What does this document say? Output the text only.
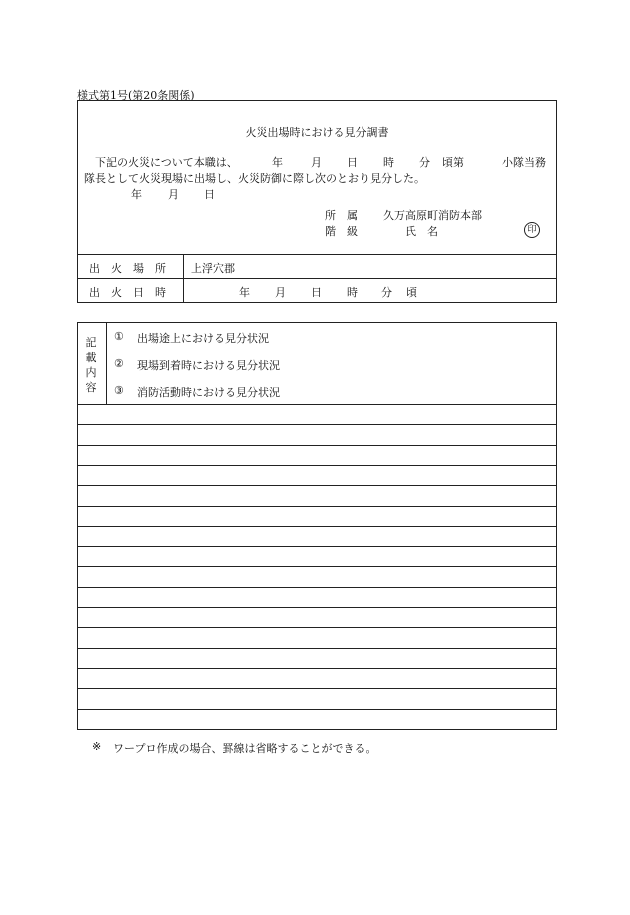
様式第1号(第20条関係)
火災出場時における見分調書
下記の火災について本職は、	年	月 日 時 分 頃第	小隊当務
隊長として火災現場に出場し、火災防御に際し次のとおり見分した。
年 月 日
所　属 久万高原町消防本部
階　級	氏　名	印
出　火　場　所 上浮穴郡
出　火　日　時	年 月 日 時 分 頃
記
載
内
容
① 出場途上における見分状況
② 現場到着時における見分状況
③ 消防活動時における見分状況
※ ワープロ作成の場合、罫線は省略することができる。
